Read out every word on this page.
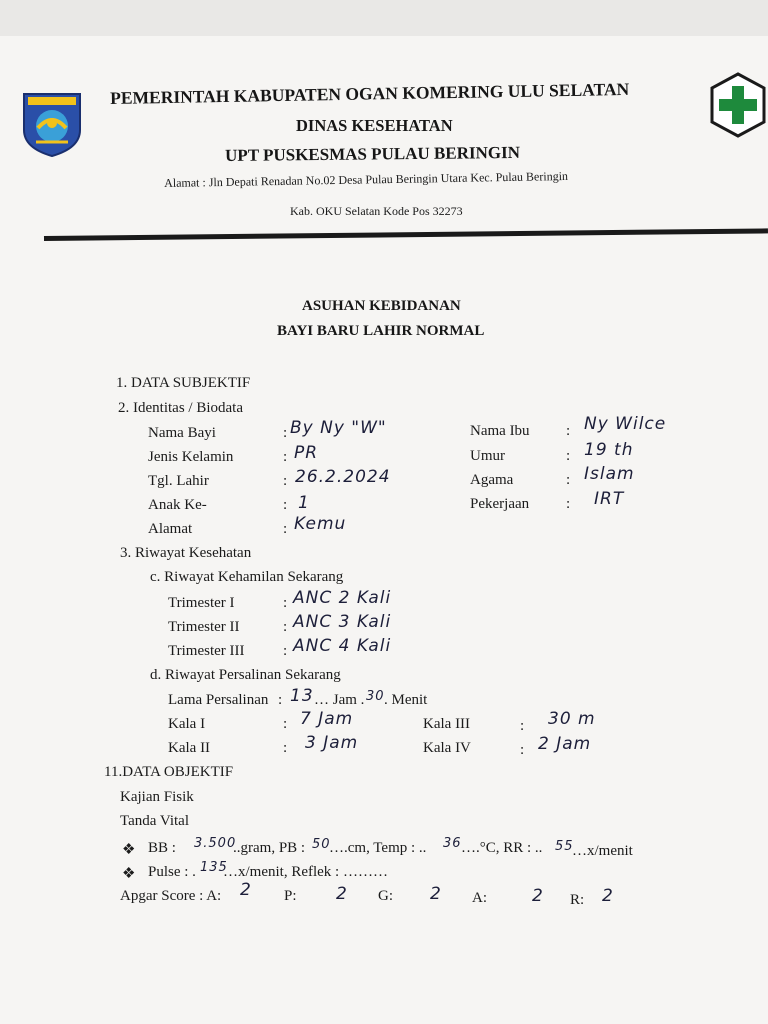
PEMERINTAH KABUPATEN OGAN KOMERING ULU SELATAN
DINAS KESEHATAN
UPT PUSKESMAS PULAU BERINGIN
Alamat : Jln Depati Renadan No.02 Desa Pulau Beringin Utara Kec. Pulau Beringin
Kab. OKU Selatan Kode Pos 32273
ASUHAN KEBIDANAN
BAYI BARU LAHIR NORMAL
1. DATA SUBJEKTIF
2. Identitas / Biodata
Nama Bayi	: By Ny "W"
Jenis Kelamin	: PR
Tgl. Lahir	: 26.2.2024
Anak Ke-	: 1
Alamat	: Kemu
Nama Ibu : Ny Wilce
Umur	: 19 th
Agama	: Islam
Pekerjaan : IRT
3. Riwayat Kesehatan
c. Riwayat Kehamilan Sekarang
Trimester I	: ANC 2 Kali
Trimester II	: ANC 3 Kali
Trimester III	: ANC 4 Kali
d. Riwayat Persalinan Sekarang
Lama Persalinan : 13 … Jam . 30 . Menit
Kala I	: 7 Jam
Kala II	: 3 Jam
Kala III	: 30 m
Kala IV	: 2 Jam
11.DATA OBJEKTIF
Kajian Fisik
Tanda Vital
❖ BB : 3.500
..gram, PB : 50
….cm, Temp : .. 36 ….°C, RR : .. 55
…x/menit
❖ Pulse : . 135
…x/menit, Reflek : ………
Apgar Score : A: 2 P: 2 G: 2 A:	2 R: 2
